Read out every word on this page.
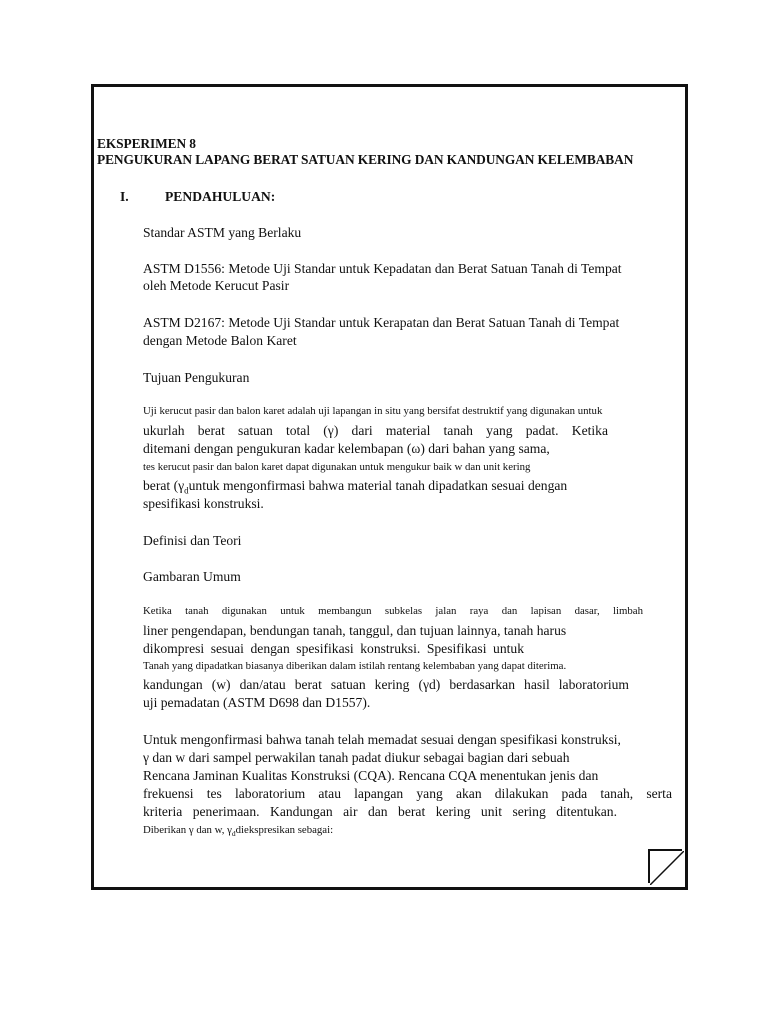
EKSPERIMEN 8
PENGUKURAN LAPANG BERAT SATUAN KERING DAN KANDUNGAN KELEMBABAN
I.	PENDAHULUAN:
Standar ASTM yang Berlaku
ASTM D1556: Metode Uji Standar untuk Kepadatan dan Berat Satuan Tanah di Tempat
oleh Metode Kerucut Pasir
ASTM D2167: Metode Uji Standar untuk Kerapatan dan Berat Satuan Tanah di Tempat
dengan Metode Balon Karet
Tujuan Pengukuran
Uji kerucut pasir dan balon karet adalah uji lapangan in situ yang bersifat destruktif yang digunakan untuk
ukurlah berat satuan total (γ) dari material tanah yang padat. Ketika
ditemani dengan pengukuran kadar kelembapan (ω) dari bahan yang sama,
tes kerucut pasir dan balon karet dapat digunakan untuk mengukur baik w dan unit kering
berat ($\gamma_duntuk$ mengonfirmasi bahwa material tanah dipadatkan sesuai dengan
spesifikasi konstruksi.
Definisi dan Teori
Gambaran Umum
Ketika tanah digunakan untuk membangun subkelas jalan raya dan lapisan dasar, limbah
liner pengendapan, bendungan tanah, tanggul, dan tujuan lainnya, tanah harus
dikompresi sesuai dengan spesifikasi konstruksi. Spesifikasi untuk
Tanah yang dipadatkan biasanya diberikan dalam istilah rentang kelembaban yang dapat diterima.
kandungan (w) dan/atau berat satuan kering (γd) berdasarkan hasil laboratorium
uji pemadatan (ASTM D698 dan D1557).
Untuk mengonfirmasi bahwa tanah telah memadat sesuai dengan spesifikasi konstruksi,
γ dan w dari sampel perwakilan tanah padat diukur sebagai bagian dari sebuah
Rencana Jaminan Kualitas Konstruksi (CQA). Rencana CQA menentukan jenis dan
frekuensi tes laboratorium atau lapangan yang akan dilakukan pada tanah, serta
kriteria penerimaan. Kandungan air dan berat kering unit sering ditentukan.
Diberikan γ dan w, $\gamma_ddiekspresikan$ sebagai:
